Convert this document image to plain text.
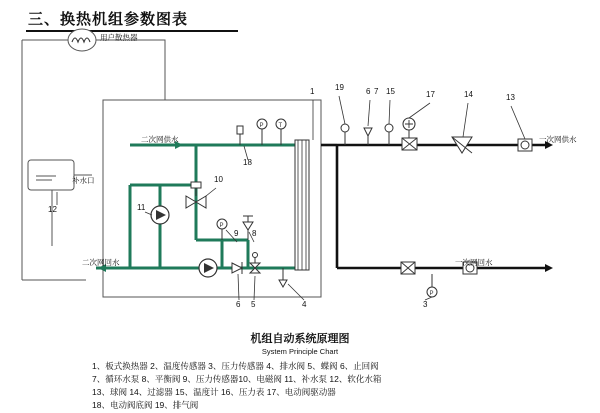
三、换热机组参数图表
P T
P
P
用户散热器
补水口
二次网供水
二次网回水
一次网供水
一次网回水
1
3
4
5
6
6 7
8
9
10
11
12
13
14
15	17
18
19
机组自动系统原理图
System Principle Chart
1、板式换热器 2、温度传感器 3、压力传感器 4、排水阀 5、蝶阀 6、止回阀
7、循环水泵 8、平衡阀 9、压力传感器10、电磁阀 11、补水泵 12、软化水箱
13、球阀 14、过滤器 15、温度计 16、压力表 17、电动阀驱动器
18、电动阀底阀 19、排气阀
